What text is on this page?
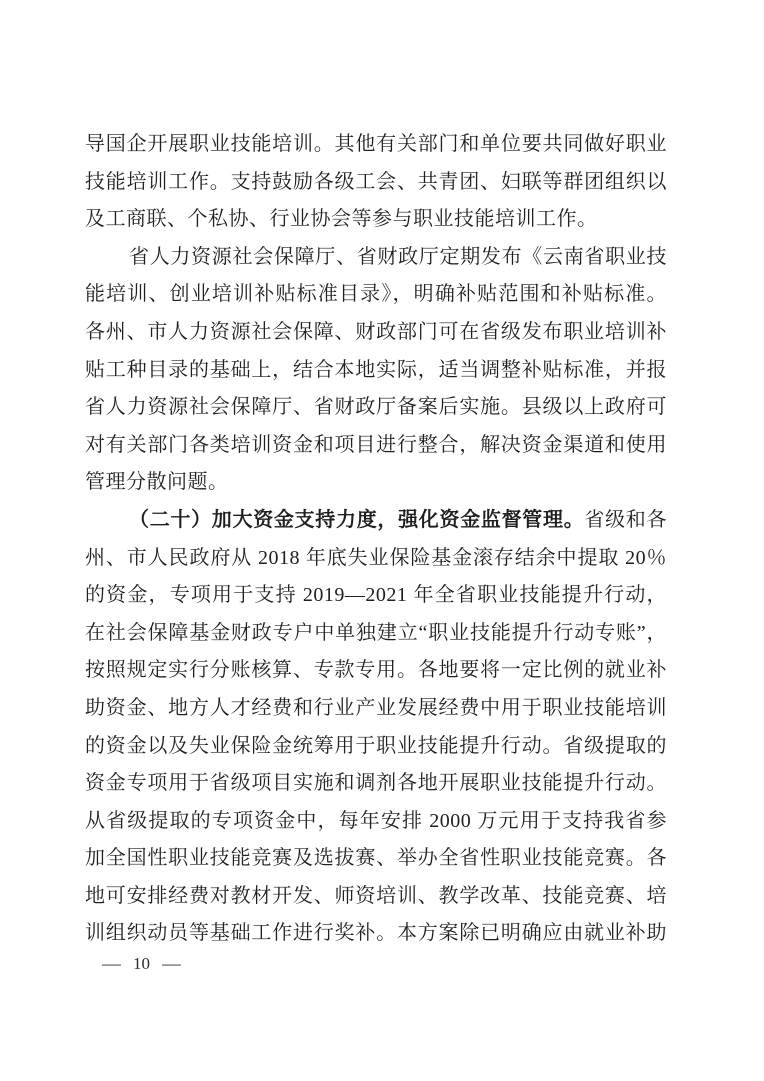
导国企开展职业技能培训。其他有关部门和单位要共同做好职业
技能培训工作。支持鼓励各级工会、共青团、妇联等群团组织以
及工商联、个私协、行业协会等参与职业技能培训工作。
省人力资源社会保障厅、省财政厅定期发布《云南省职业技
能培训、创业培训补贴标准目录》，明确补贴范围和补贴标准。
各州、市人力资源社会保障、财政部门可在省级发布职业培训补
贴工种目录的基础上，结合本地实际，适当调整补贴标准，并报
省人力资源社会保障厅、省财政厅备案后实施。县级以上政府可
对有关部门各类培训资金和项目进行整合，解决资金渠道和使用
管理分散问题。
（二十）加大资金支持力度，强化资金监督管理。省级和各
州、市人民政府从 2018 年底失业保险基金滚存结余中提取 20％
的资金，专项用于支持 2019—2021 年全省职业技能提升行动，
在社会保障基金财政专户中单独建立“职业技能提升行动专账”，
按照规定实行分账核算、专款专用。各地要将一定比例的就业补
助资金、地方人才经费和行业产业发展经费中用于职业技能培训
的资金以及失业保险金统筹用于职业技能提升行动。省级提取的
资金专项用于省级项目实施和调剂各地开展职业技能提升行动。
从省级提取的专项资金中，每年安排 2000 万元用于支持我省参
加全国性职业技能竞赛及选拔赛、举办全省性职业技能竞赛。各
地可安排经费对教材开发、师资培训、教学改革、技能竞赛、培
训组织动员等基础工作进行奖补。本方案除已明确应由就业补助
— 10 —
